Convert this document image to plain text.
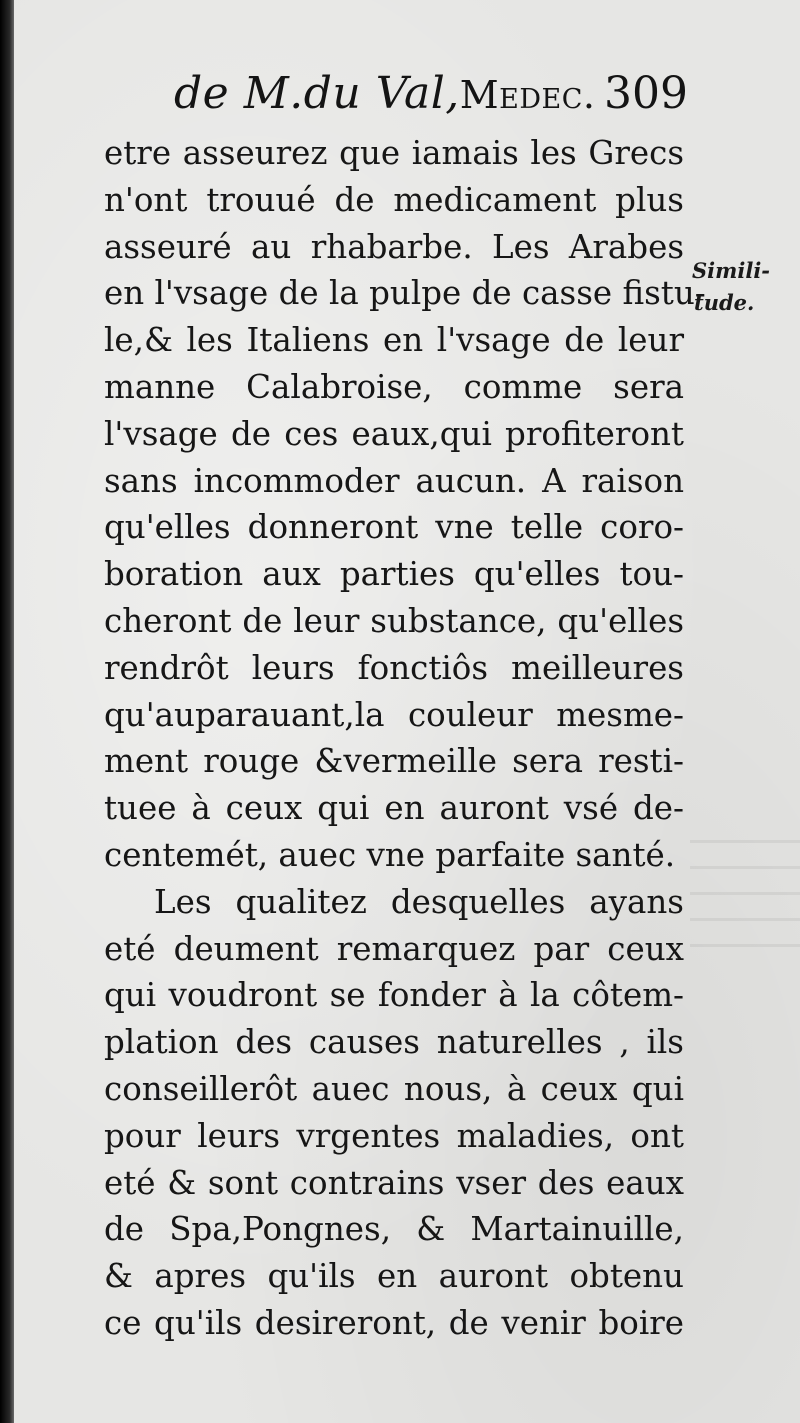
de M.du Val,Medec. 309
etre asseurez que iamais les Grecs
n'ont trouué de medicament plus
asseuré au rhabarbe. Les Arabes
en l'vsage de la pulpe de casse fistu-
le,& les Italiens en l'vsage de leur
manne Calabroise, comme sera
l'vsage de ces eaux,qui profiteront
sans incommoder aucun. A raison
qu'elles donneront vne telle coro-
boration aux parties qu'elles tou-
cheront de leur substance, qu'elles
rendrôt leurs fonctiôs meilleures
qu'auparauant,la couleur mesme-
ment rouge &vermeille sera resti-
tuee à ceux qui en auront vsé de-
centemét, auec vne parfaite santé.
Les qualitez desquelles ayans
eté deument remarquez par ceux
qui voudront se fonder à la côtem-
plation des causes naturelles , ils
conseillerôt auec nous, à ceux qui
pour leurs vrgentes maladies, ont
eté & sont contrains vser des eaux
de Spa,Pongnes, & Martainuille,
& apres qu'ils en auront obtenu
ce qu'ils desireront, de venir boire
Simili-
tude.
